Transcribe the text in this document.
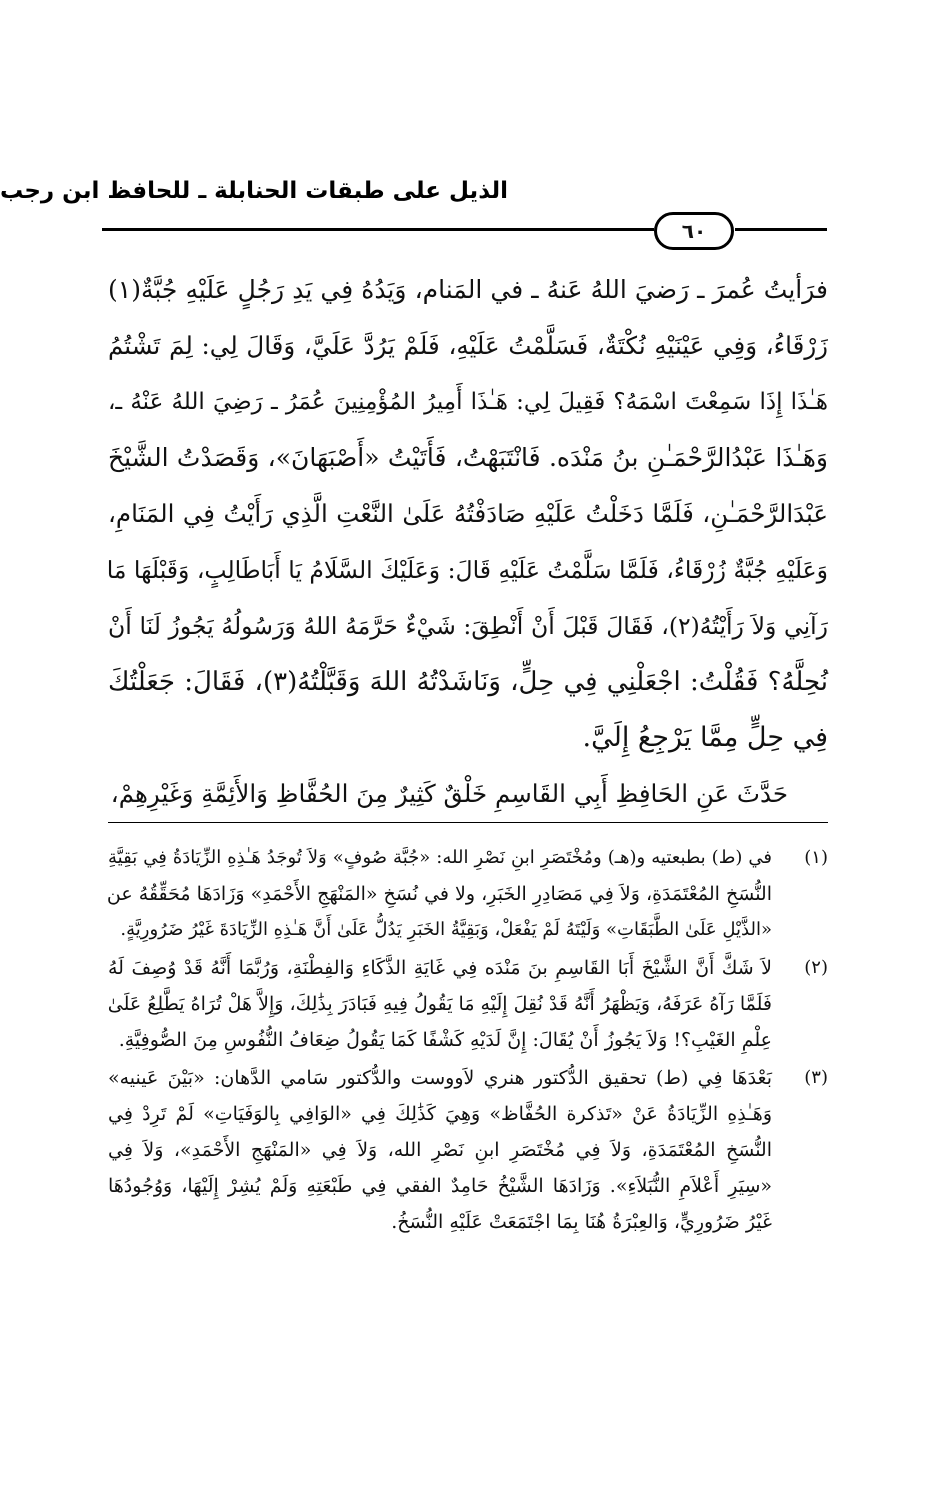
الذيل على طبقات الحنابلة ـ للحافظ ابن رجب
٦٠
فرَأيتُ عُمرَ ـ رَضيَ اللهُ عَنهُ ـ في المَنام، وَيَدُهُ فِي يَدِ رَجُلٍ عَلَيْهِ جُبَّةٌ(١)
زَرْقَاءُ، وَفِي عَيْنَيْهِ نُكْتَةٌ، فَسَلَّمْتُ عَلَيْهِ، فَلَمْ يَرُدَّ عَلَيَّ، وَقَالَ لِي: لِمَ تَشْتُمُ
هَـٰذَا إِذَا سَمِعْتَ اسْمَهُ؟ فَقِيلَ لِي: هَـٰذَا أَمِيرُ المُؤْمِنِينَ عُمَرُ ـ رَضِيَ اللهُ عَنْهُ ـ،
وَهَـٰذَا عَبْدُالرَّحْمَـٰنِ بنُ مَنْدَه. فَانْتَبَهْتُ، فَأَتَيْتُ «أَصْبَهَانَ»، وَقَصَدْتُ الشَّيْخَ
عَبْدَالرَّحْمَـٰنِ، فَلَمَّا دَخَلْتُ عَلَيْهِ صَادَفْتُهُ عَلَىٰ النَّعْتِ الَّذِي رَأَيْتُ فِي المَنَامِ،
وَعَلَيْهِ جُبَّةٌ زُرْقَاءُ، فَلَمَّا سَلَّمْتُ عَلَيْهِ قَالَ: وَعَلَيْكَ السَّلَامُ يَا أَبَاطَالِبٍ، وَقَبْلَهَا مَا
رَآنِي وَلاَ رَأَيْتُهُ(٢)، فَقَالَ قَبْلَ أَنْ أَنْطِقَ: شَيْءٌ حَرَّمَهُ اللهُ وَرَسُولُهُ يَجُوزُ لَنَا أَنْ
نُحِلَّهُ؟ فَقُلْتُ: اجْعَلْنِي فِي حِلٍّ، وَنَاشَدْتُهُ اللهَ وَقَبَّلْتُهُ(٣)، فَقَالَ: جَعَلْتُكَ
فِي حِلٍّ مِمَّا يَرْجِعُ إِلَيَّ.
حَدَّثَ عَنِ الحَافِظِ أَبِي القَاسِمِ خَلْقٌ كَثِيرٌ مِنَ الحُفَّاظِ وَالأَئِمَّةِ وَغَيْرِهِمْ،
(١)
في (ط) بطبعتيه و(هـ) ومُخْتَصَرِ ابنِ نَصْرِ الله: «جُبَّة صُوفٍ» وَلاَ تُوجَدُ هَـٰذِهِ الزِّيَادَةُ فِي بَقِيَّةِ
النُّسَخِ المُعْتَمَدَةِ، وَلاَ فِي مَصَادِرِ الخَبَرِ، ولا في نُسَخِ «المَنْهَجِ الأَحْمَدِ» وَزَادَهَا مُحَقِّقُهُ عن
«الذَّيْلِ عَلَىٰ الطَّبَقَاتِ» وَلَيْتَهُ لَمْ يَفْعَلْ، وَبَقِيَّةُ الخَبَرِ يَدُلُّ عَلَىٰ أَنَّ هَـٰذِهِ الزِّيَادَةَ غَيْرُ ضَرُورِيَّةٍ.
(٢)
لاَ شَكَّ أَنَّ الشَّيْخَ أَبَا القَاسِمِ بنَ مَنْدَه فِي غَايَةِ الذَّكَاءِ وَالفِطْنَةِ، وَرُبَّمَا أَنَّهُ قَدْ وُصِفَ لَهُ
فَلَمَّا رَآهُ عَرَفَهُ، وَيَظْهَرُ أَنَّهُ قَدْ نُقِلَ إِلَيْهِ مَا يَقُولُ فِيهِ فَبَادَرَ بِذَٰلِكَ، وَإِلاَّ هَلْ تُرَاهُ يَطَّلِعُ عَلَىٰ
عِلْمِ الغَيْبِ؟! وَلاَ يَجُوزُ أَنْ يُقَالَ: إِنَّ لَدَيْهِ كَشْفًا كَمَا يَقُولُ ضِعَافُ النُّفُوسِ مِنَ الصُّوفِيَّةِ.
(٣)
بَعْدَهَا فِي (ط) تحقيق الدُّكتور هنري لاَووست والدُّكتور سَامي الدَّهان: «بَيْنَ عَينيه»
وَهَـٰذِهِ الزِّيَادَةُ عَنْ «تَذكرة الحُفَّاظ» وَهِيَ كَذَٰلِكَ فِي «الوَافِي بِالوَفَيَاتِ» لَمْ تَرِدْ فِي
النُّسَخِ المُعْتَمَدَةِ، وَلاَ فِي مُخْتَصَرِ ابنِ نَصْرِ الله، وَلاَ فِي «المَنْهَجِ الأَحْمَدِ»، وَلاَ فِي
«سِيَرِ أَعْلاَمِ النُّبَلاَءِ». وَزَادَهَا الشَّيْخُ حَامِدٌ الفقي فِي طَبْعَتِهِ وَلَمْ يُشِرْ إِلَيْهَا، وَوُجُودُهَا
غَيْرُ ضَرُورِيٍّ، وَالعِبْرَةُ هُنَا بِمَا اجْتَمَعَتْ عَلَيْهِ النُّسَخُ.
